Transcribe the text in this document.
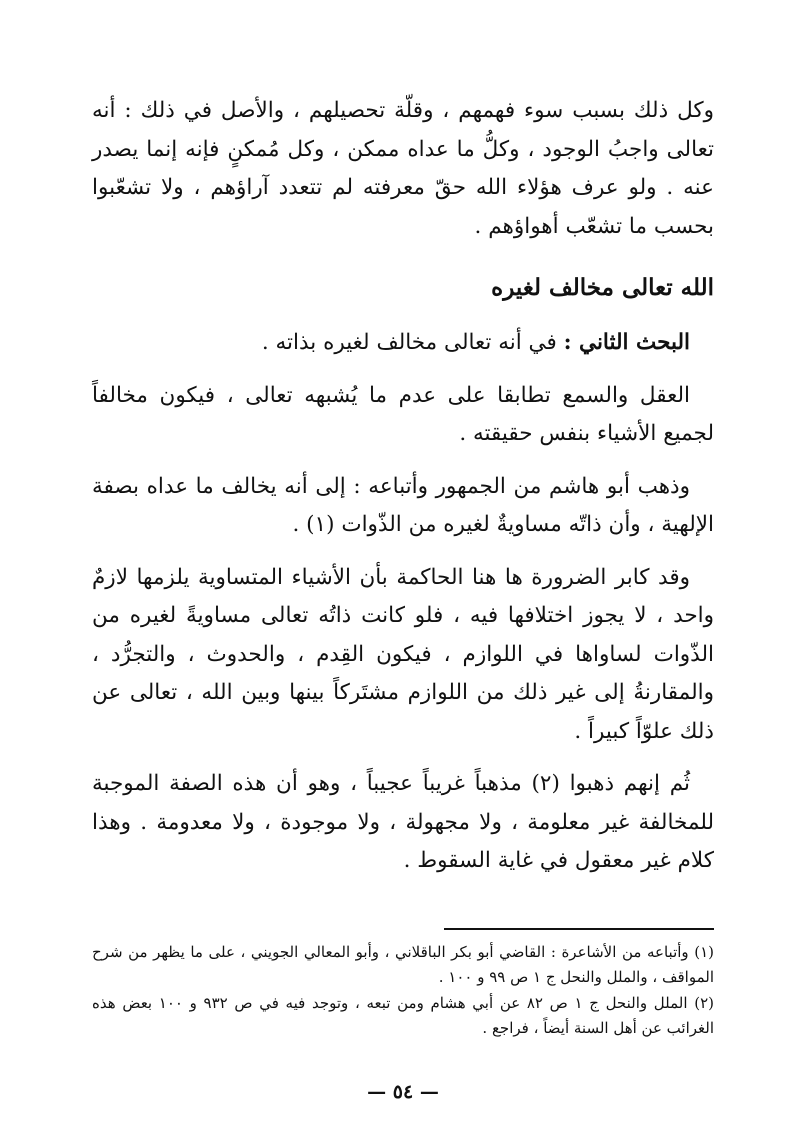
وكل ذلك بسبب سوء فهمهم ، وقلّة تحصيلهم ، والأصل في ذلك : أنه تعالى واجبُ الوجود ، وكلُّ ما عداه ممكن ، وكل مُمكنٍ فإنه إنما يصدر عنه . ولو عرف هؤلاء الله حقّ معرفته لم تتعدد آراؤهم ، ولا تشعّبوا بحسب ما تشعّب أهواؤهم .

الله تعالى مخالف لغيره

البحث الثاني : في أنه تعالى مخالف لغيره بذاته .

العقل والسمع تطابقا على عدم ما يُشبهه تعالى ، فيكون مخالفاً لجميع الأشياء بنفس حقيقته .

وذهب أبو هاشم من الجمهور وأتباعه : إلى أنه يخالف ما عداه بصفة الإلهية ، وأن ذاتّه مساويةٌ لغيره من الذّوات (١) .

وقد كابر الضرورة ها هنا الحاكمة بأن الأشياء المتساوية يلزمها لازمٌ واحد ، لا يجوز اختلافها فيه ، فلو كانت ذاتُه تعالى مساويةً لغيره من الذّوات لساواها في اللوازم ، فيكون القِدم ، والحدوث ، والتجرُّد ، والمقارنةُ إلى غير ذلك من اللوازم مشتَركاً بينها وبين الله ، تعالى عن ذلك علوّاً كبيراً .

ثُم إنهم ذهبوا (٢) مذهباً غريباً عجيباً ، وهو أن هذه الصفة الموجبة للمخالفة غير معلومة ، ولا مجهولة ، ولا موجودة ، ولا معدومة . وهذا كلام غير معقول في غاية السقوط .

(١) وأتباعه من الأشاعرة : القاضي أبو بكر الباقلاني ، وأبو المعالي الجويني ، على ما يظهر من شرح المواقف ، والملل والنحل ج ١ ص ٩٩ و ١٠٠ .

(٢) الملل والنحل ج ١ ص ٨٢ عن أبي هشام ومن تبعه ، وتوجد فيه في ص ٩٣٢ و ١٠٠ بعض هذه الغرائب عن أهل السنة أيضاً ، فراجع .

— ٥٤ —
